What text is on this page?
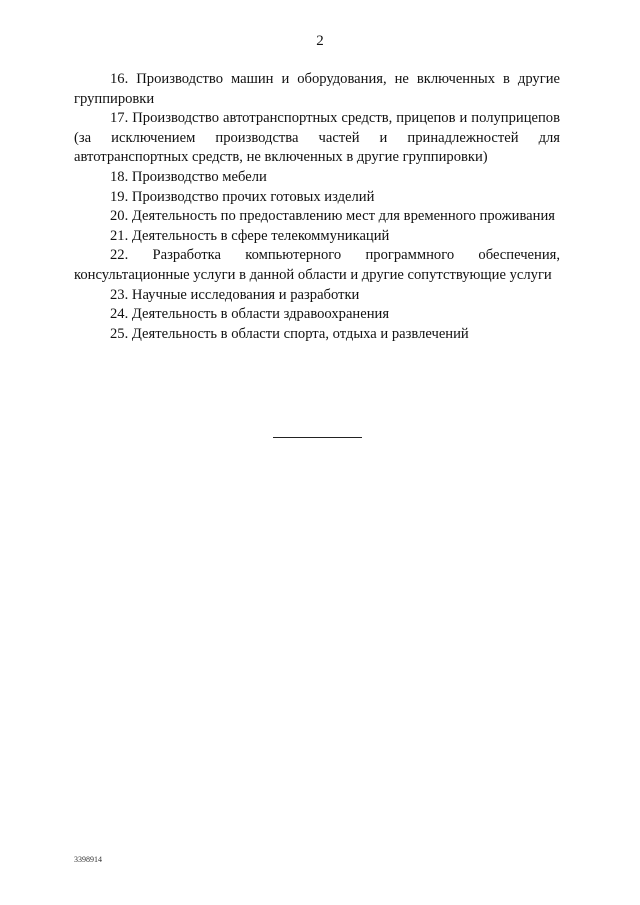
2

16. Производство машин и оборудования, не включенных в другие группировки

17. Производство автотранспортных средств, прицепов и полуприцепов (за исключением производства частей и принадлежностей для автотранспортных средств, не включенных в другие группировки)

18. Производство мебели

19. Производство прочих готовых изделий

20. Деятельность по предоставлению мест для временного проживания

21. Деятельность в сфере телекоммуникаций

22. Разработка компьютерного программного обеспечения, консультационные услуги в данной области и другие сопутствующие услуги

23. Научные исследования и разработки

24. Деятельность в области здравоохранения

25. Деятельность в области спорта, отдыха и развлечений

3398914
